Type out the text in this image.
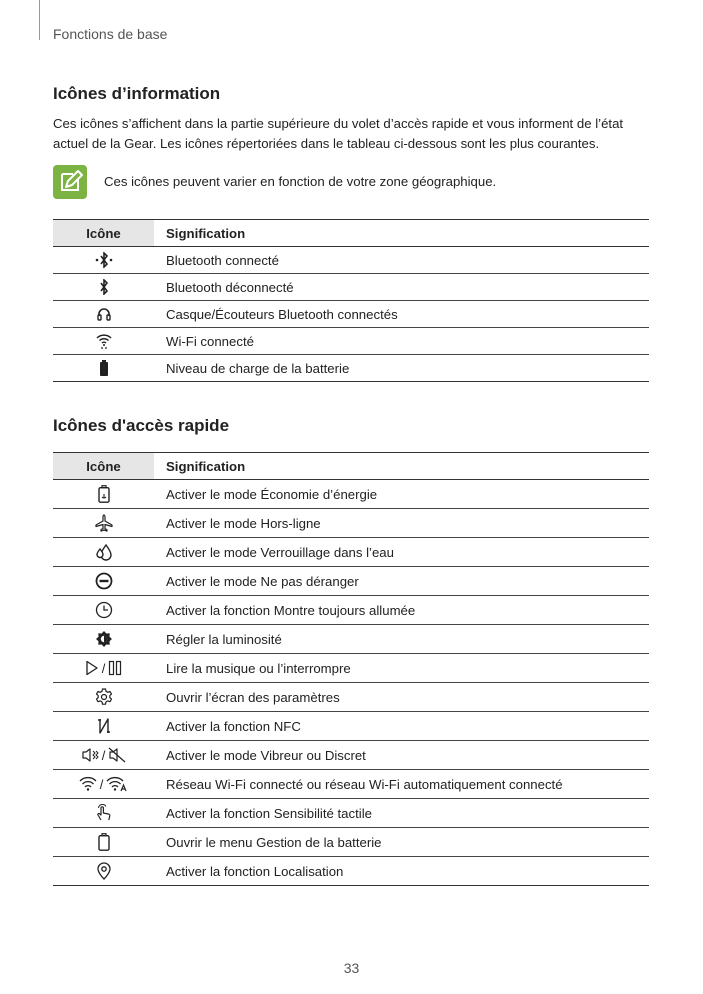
Fonctions de base
Icônes d’information
Ces icônes s’affichent dans la partie supérieure du volet d’accès rapide et vous informent de l’état
actuel de la Gear. Les icônes répertoriées dans le tableau ci-dessous sont les plus courantes.
Ces icônes peuvent varier en fonction de votre zone géographique.
Icône	Signification
	Bluetooth connecté
	Bluetooth déconnecté
	Casque/Écouteurs Bluetooth connectés
	Wi-Fi connecté
	Niveau de charge de la batterie
Icônes d'accès rapide
Icône	Signification
	Activer le mode Économie d’énergie
	Activer le mode Hors-ligne
	Activer le mode Verrouillage dans l’eau
	Activer le mode Ne pas déranger
	Activer la fonction Montre toujours allumée
	Régler la luminosité
/	Lire la musique ou l’interrompre
	Ouvrir l’écran des paramètres
	Activer la fonction NFC
/	Activer le mode Vibreur ou Discret
/	Réseau Wi-Fi connecté ou réseau Wi-Fi automatiquement connecté
	Activer la fonction Sensibilité tactile
	Ouvrir le menu Gestion de la batterie
	Activer la fonction Localisation
33
